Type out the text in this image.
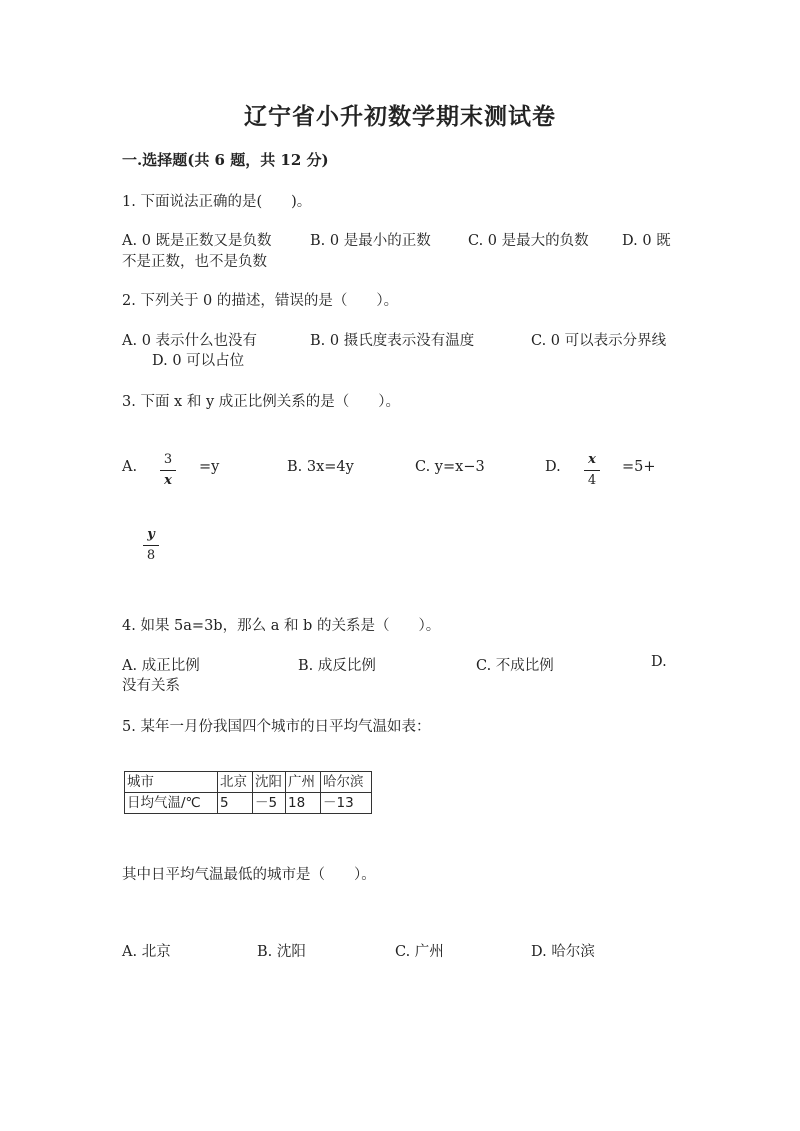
辽宁省小升初数学期末测试卷
一.选择题(共 6 题，共 12 分)
1. 下面说法正确的是(　　)。
A. 0 既是正数又是负数	B. 0 是最小的正数	C. 0 是最大的负数 D. 0 既
不是正数，也不是负数
2. 下列关于 0 的描述，错误的是（　　）。
A. 0 表示什么也没有	B. 0 摄氏度表示没有温度	C. 0 可以表示分界线
D. 0 可以占位
3. 下面 x 和 y 成正比例关系的是（　　）。
A. 3
x
=y	B. 3x=4y	C. y=x−3	D.	x
4
=5+
y
8
4. 如果 5a=3b，那么 a 和 b 的关系是（　　）。
A. 成正比例	B. 成反比例	C. 不成比例	D.
没有关系
5. 某年一月份我国四个城市的日平均气温如表：
城市	北京	沈阳	广州	哈尔滨
日均气温/℃	5	－5	18	－13
其中日平均气温最低的城市是（　　）。
A. 北京	B. 沈阳	C. 广州	D. 哈尔滨
